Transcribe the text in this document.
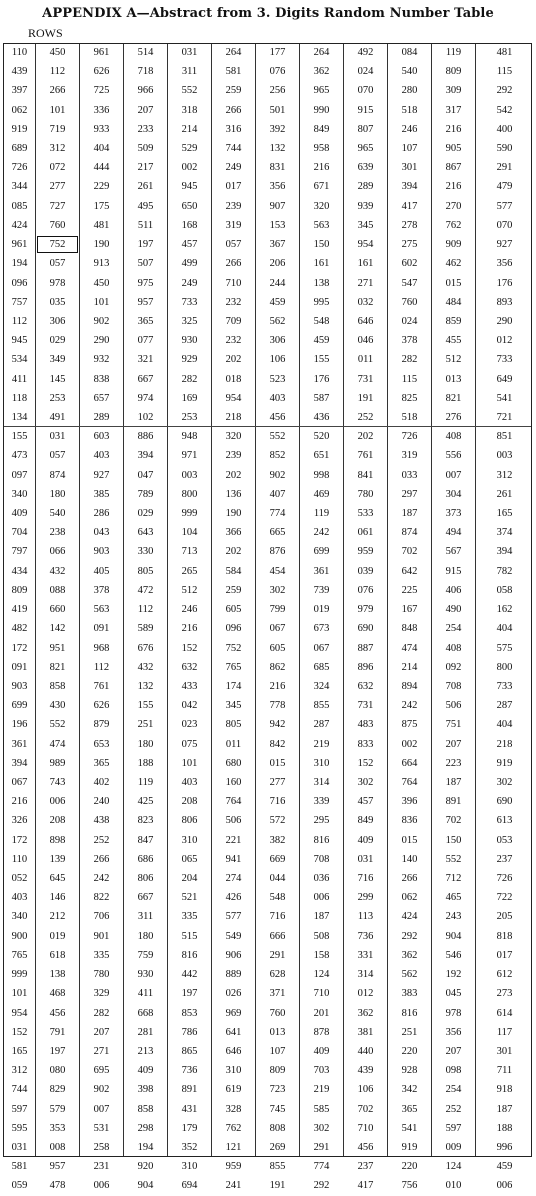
APPENDIX A—Abstract from 3. Digits Random Number Table
ROWS
110
439
397
062
919
689
726
344
085
424
961
194
096
757
112
945
534
411
118
134
155
473
097
340
409
704
797
434
809
419
482
172
091
903
699
196
361
394
067
216
326
172
110
052
403
340
900
765
999
101
954
152
165
312
744
597
595
031
581
059
450
112
266
101
719
312
072
277
727
760
752
057
978
035
306
029
349
145
253
491
031
057
874
180
540
238
066
432
088
660
142
951
821
858
430
552
474
989
743
006
208
898
139
645
146
212
019
618
138
468
456
791
197
080
829
579
353
008
957
478
961
626
725
336
933
404
444
229
175
481
190
913
450
101
902
290
932
838
657
289
603
403
927
385
286
043
903
405
378
563
091
968
112
761
626
879
653
365
402
240
438
252
266
242
822
706
901
335
780
329
282
207
271
695
902
007
531
258
231
006
514
718
966
207
233
509
217
261
495
511
197
507
975
957
365
077
321
667
974
102
886
394
047
789
029
643
330
805
472
112
589
676
432
132
155
251
180
188
119
425
823
847
686
806
667
311
180
759
930
411
668
281
213
409
398
858
298
194
920
904
031
311
552
318
214
529
002
945
650
168
457
499
249
733
325
930
929
282
169
253
948
971
003
800
999
104
713
265
512
246
216
152
632
433
042
023
075
101
403
208
806
310
065
204
521
335
515
816
442
197
853
786
865
736
891
431
179
352
310
694
264
581
259
266
316
744
249
017
239
319
057
266
710
232
709
232
202
018
954
218
320
239
202
136
190
366
202
584
259
605
096
752
765
174
345
805
011
680
160
764
506
221
941
274
426
577
549
906
889
026
969
641
646
310
619
328
762
121
959
241
177
076
256
501
392
132
831
356
907
153
367
206
244
459
562
306
106
523
403
456
552
852
902
407
774
665
876
454
302
799
067
605
862
216
778
942
842
015
277
716
572
382
669
044
548
716
666
291
628
371
760
013
107
809
723
745
808
269
855
191
264
362
965
990
849
958
216
671
320
563
150
161
138
995
548
459
155
176
587
436
520
651
998
469
119
242
699
361
739
019
673
067
685
324
855
287
219
310
314
339
295
816
708
036
006
187
508
158
124
710
201
878
409
703
219
585
302
291
774
292
492
024
070
915
807
965
639
289
939
345
954
161
271
032
646
046
011
731
191
252
202
761
841
780
533
061
959
039
076
979
690
887
896
632
731
483
833
152
302
457
849
409
031
716
299
113
736
331
314
012
362
381
440
439
106
702
710
456
237
417
084
540
280
518
246
107
301
394
417
278
275
602
547
760
024
378
282
115
825
518
726
319
033
297
187
874
702
642
225
167
848
474
214
894
242
875
002
664
764
396
836
015
140
266
062
424
292
362
562
383
816
251
220
928
342
365
541
919
220
756
119
809
309
317
216
905
867
216
270
762
909
462
015
484
859
455
512
013
821
276
408
556
007
304
373
494
567
915
406
490
254
408
092
708
506
751
207
223
187
891
702
150
552
712
465
243
904
546
192
045
978
356
207
098
254
252
597
009
124
010
481
115
292
542
400
590
291
479
577
070
927
356
176
893
290
012
733
649
541
721
851
003
312
261
165
374
394
782
058
162
404
575
800
733
287
404
218
919
302
690
613
053
237
726
722
205
818
017
612
273
614
117
301
711
918
187
188
996
459
006
